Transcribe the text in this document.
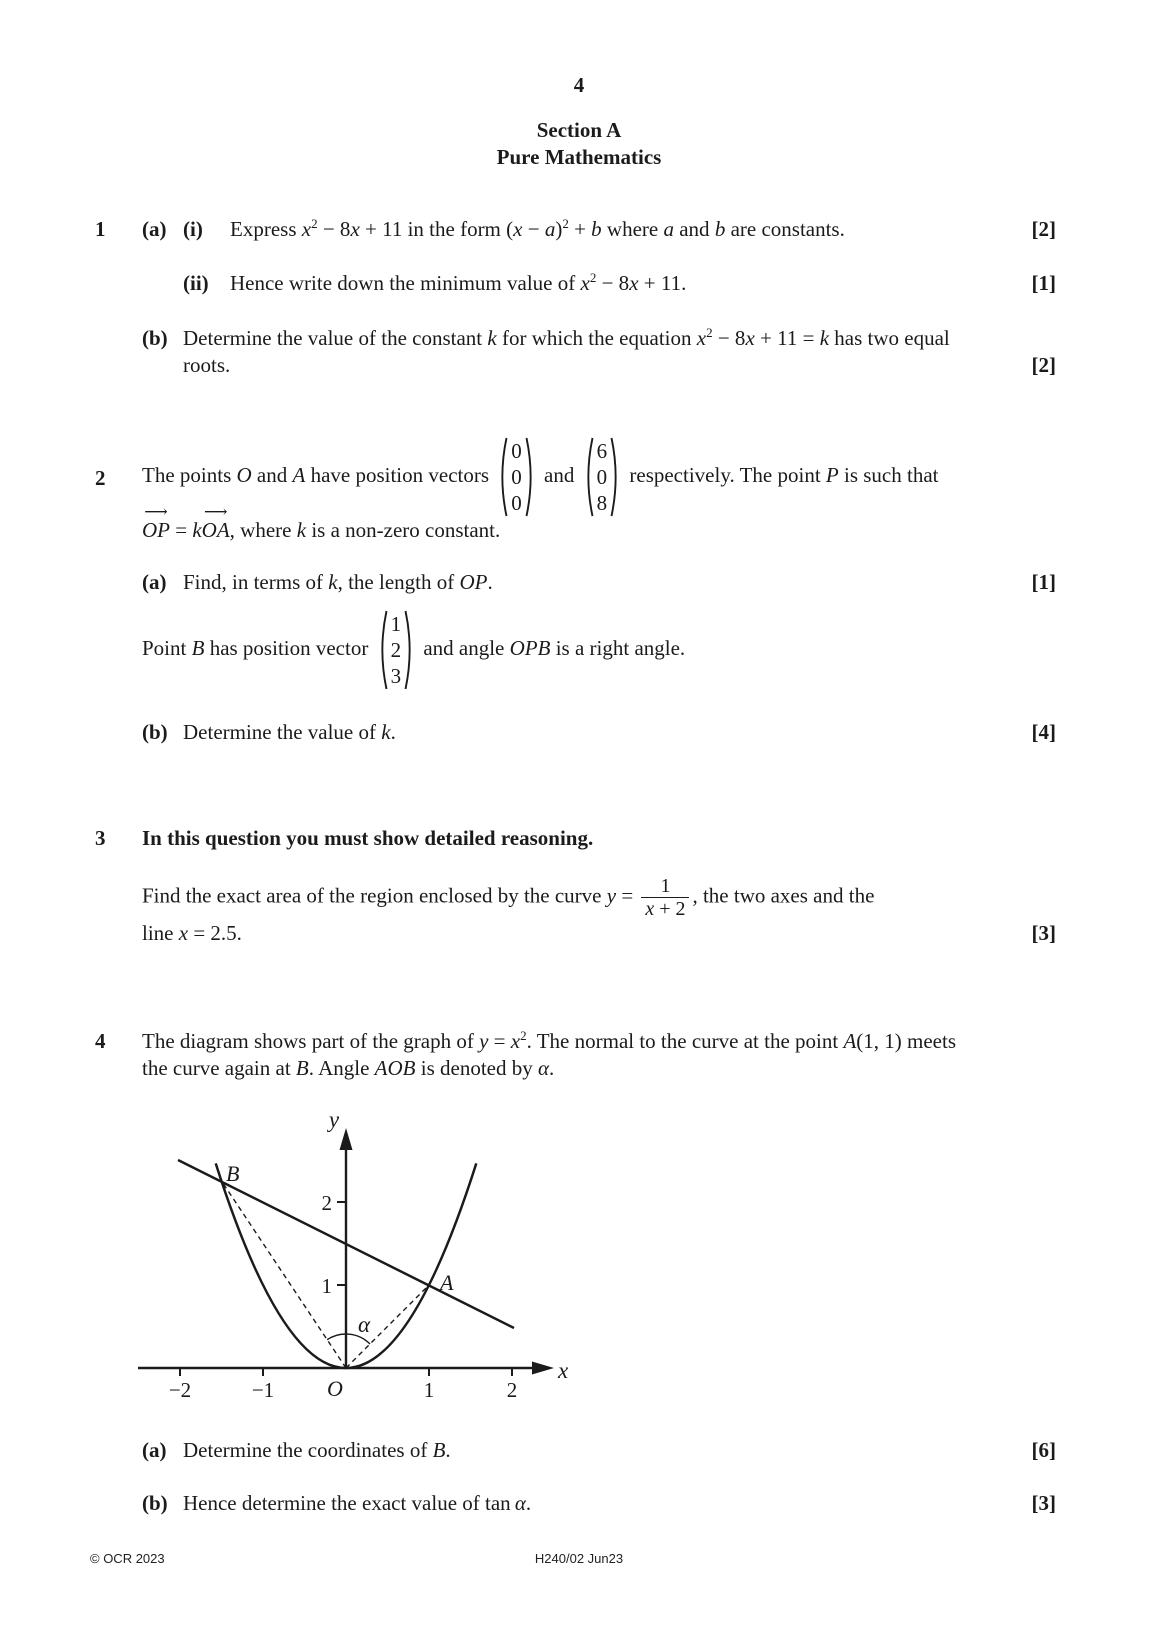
4
Section A
Pure Mathematics
1	(a) (i)	Express $x^2 - 8x + 11$ in the form $(x - a)^2 + b$ where a and b are constants.	[2]
(ii)	Hence write down the minimum value of $x^2 - 8x + 11$.	[1]
(b) Determine the value of the constant k for which the equation $x^2 - 8x + 11 = k$ has two equal
roots.	[2]
2	The points O and A have position vectors
0
0
0
and
6
0
8
respectively. The point P is such that
⟶
OP = k
⟶
OA, where k is a non-zero constant.
(a) Find, in terms of k, the length of OP.	[1]
Point B has position vector
1
2
3
and angle OPB is a right angle.
(b) Determine the value of k.	[4]
3	In this question you must show detailed reasoning.
Find the exact area of the region enclosed by the curve $y = \frac{1}{x + 2}$ , the two axes and the
line x = 2.5.	[3]
4	The diagram shows part of the graph of $y = x^2$. The normal to the curve at the point A(1, 1) meets
the curve again at B. Angle AOB is denoted by α.
y
x
O
−2	−1	1	2
1
2
B
A
α
(a) Determine the coordinates of B.	[6]
(b) Hence determine the exact value of tan α.	[3]
© OCR 2023	H240/02 Jun23
